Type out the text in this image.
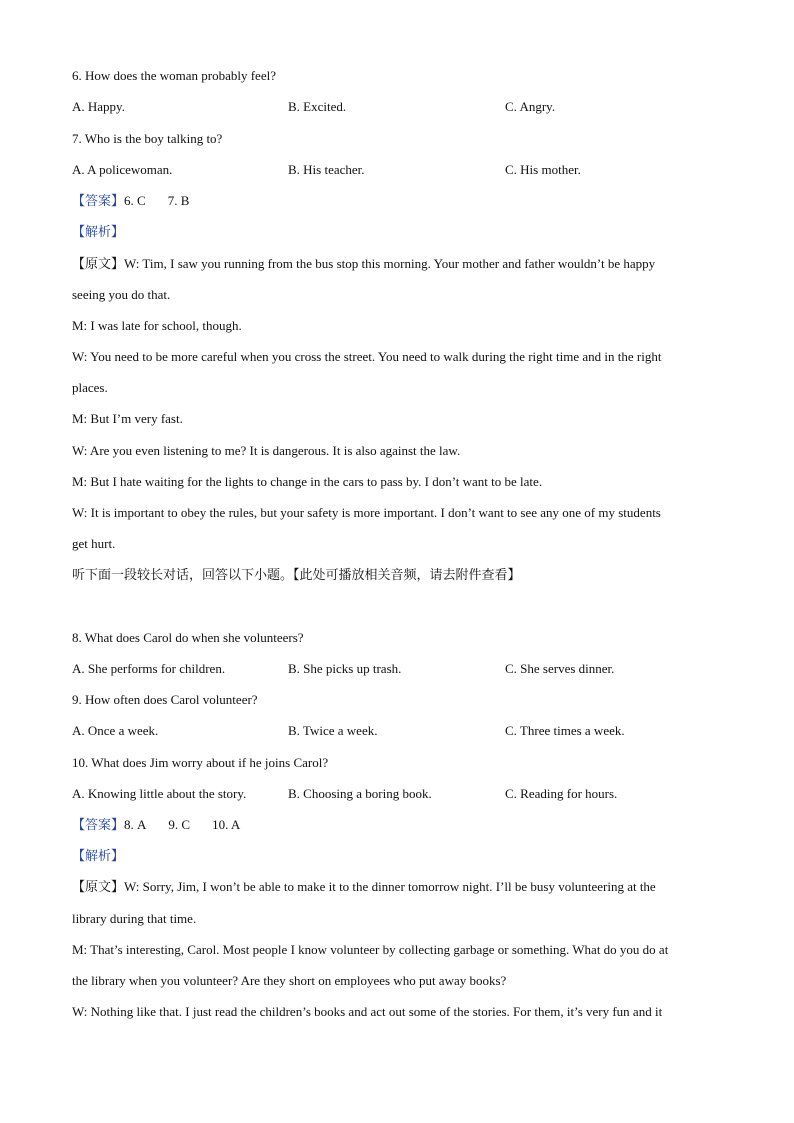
6. How does the woman probably feel?
A. Happy.	B. Excited.	C. Angry.
7. Who is the boy talking to?
A. A policewoman.	B. His teacher.	C. His mother.
【答案】6. C 7. B
【解析】
【原文】W: Tim, I saw you running from the bus stop this morning. Your mother and father wouldn’t be happy
seeing you do that.
M: I was late for school, though.
W: You need to be more careful when you cross the street. You need to walk during the right time and in the right
places.
M: But I’m very fast.
W: Are you even listening to me? It is dangerous. It is also against the law.
M: But I hate waiting for the lights to change in the cars to pass by. I don’t want to be late.
W: It is important to obey the rules, but your safety is more important. I don’t want to see any one of my students
get hurt.
听下面一段较长对话，回答以下小题。【此处可播放相关音频，请去附件查看】
8. What does Carol do when she volunteers?
A. She performs for children.	B. She picks up trash.	C. She serves dinner.
9. How often does Carol volunteer?
A. Once a week.	B. Twice a week.	C. Three times a week.
10. What does Jim worry about if he joins Carol?
A. Knowing little about the story.	B. Choosing a boring book.	C. Reading for hours.
【答案】8. A 9. C 10. A
【解析】
【原文】W: Sorry, Jim, I won’t be able to make it to the dinner tomorrow night. I’ll be busy volunteering at the
library during that time.
M: That’s interesting, Carol. Most people I know volunteer by collecting garbage or something. What do you do at
the library when you volunteer? Are they short on employees who put away books?
W: Nothing like that. I just read the children’s books and act out some of the stories. For them, it’s very fun and it
